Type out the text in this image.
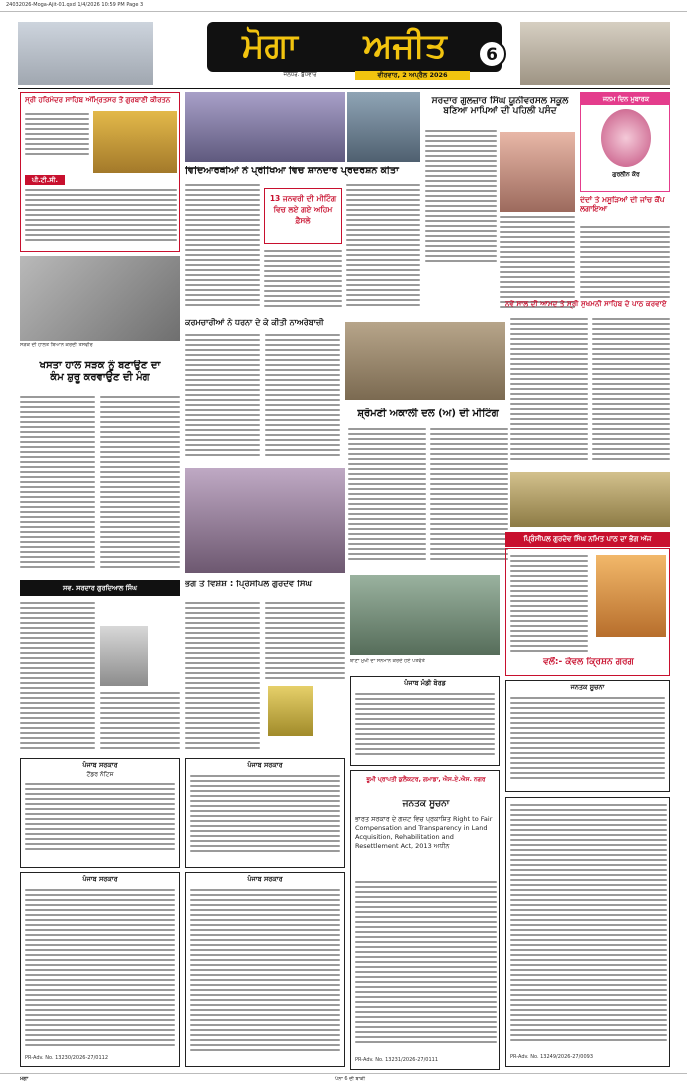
24032026-Moga-Ajit-01.qxd 1/4/2026 10:59 PM Page 3
ਮੋਗਾ	ਅਜੀਤ	6
ਜਲੰਧਰ. ਬੁੱਧਵਾਰ	ਵੀਰਵਾਰ, 2 ਅਪ੍ਰੈਲ 2026
ਸ੍ਰੀ ਹਰਿਮੰਦਰ ਸਾਹਿਬ ਅੰਮ੍ਰਿਤਸਰ ਤੋਂ ਗੁਰਬਾਣੀ ਕੀਰਤਨ
ਪੀ.ਟੀ.ਸੀ.
ਸੜਕ ਦੀ ਹਾਲਤ ਬਿਆਨ ਕਰਦੀ ਤਸਵੀਰ
ਖਸਤਾ ਹਾਲ ਸੜਕ ਨੂੰ ਬਣਾਉਣ ਦਾ
ਕੰਮ ਸ਼ੁਰੂ ਕਰਵਾਉਣ ਦੀ ਮੰਗ
ਵਿਦਿਆਰਥੀਆਂ ਨੇ ਪ੍ਰੀਖਿਆ ਵਿਚ ਸ਼ਾਨਦਾਰ ਪ੍ਰਦਰਸ਼ਨ ਕੀਤਾ
13 ਜਨਵਰੀ ਦੀ ਮੀਟਿੰਗ ਵਿਚ ਲਏ ਗਏ ਅਹਿਮ ਫ਼ੈਸਲੇ
ਕਰਮਚਾਰੀਆਂ ਨੇ ਧਰਨਾ ਦੇ ਕੇ ਕੀਤੀ ਨਾਅਰੇਬਾਜ਼ੀ
ਸਰਦਾਰ ਗੁਲਜ਼ਾਰ ਸਿੰਘ ਯੂਨੀਵਰਸਲ ਸਕੂਲ
ਬਣਿਆ ਮਾਪਿਆਂ ਦੀ ਪਹਿਲੀ ਪਸੰਦ
ਜਨਮ ਦਿਨ ਮੁਬਾਰਕ
ਗੁਰਲੀਨ ਕੌਰ
ਦੰਦਾਂ ਤੇ ਮਸੂੜਿਆਂ ਦੀ ਜਾਂਚ ਕੈਂਪ ਲਗਾਇਆ
ਨਵੇਂ ਸਾਲ ਦੀ ਆਮਦ ਤੇ ਸ੍ਰੀ ਸੁਖਮਨੀ ਸਾਹਿਬ ਦੇ ਪਾਠ ਕਰਵਾਏ
ਸ਼੍ਰੋਮਣੀ ਅਕਾਲੀ ਦਲ (ਅ) ਦੀ ਮੀਟਿੰਗ
ਪ੍ਰਿੰਸੀਪਲ ਗੁਰਦੇਵ ਸਿੰਘ ਨਮਿਤ ਪਾਠ ਦਾ ਭੋਗ ਅੱਜ
ਵਲੋਂ:- ਕੇਵਲ ਕ੍ਰਿਸ਼ਨ ਗਰਗ
ਸਵ. ਸਰਦਾਰ ਗੁਰਦਿਆਲ ਸਿੰਘ	ਭੋਗ ਤੇ ਵਿਸ਼ੇਸ਼ : ਪ੍ਰਿੰਸੀਪਲ ਗੁਰਦੇਵ ਸਿੰਘ
ਥਾਣਾ ਮੁਖੀ ਦਾ ਸਨਮਾਨ ਕਰਦੇ ਹੋਏ ਪਤਵੰਤੇ
ਪੰਜਾਬ ਮੰਡੀ ਬੋਰਡ	ਜਨਤਕ ਸੂਚਨਾ
ਪੰਜਾਬ ਸਰਕਾਰ
ਟੈਂਡਰ ਨੋਟਿਸ
ਪੰਜਾਬ ਸਰਕਾਰ
ਭੂਮੀ ਪ੍ਰਾਪਤੀ ਕੁਲੈਕਟਰ, ਗਮਾਡਾ, ਐਸ.ਏ.ਐਸ. ਨਗਰ
ਜਨਤਕ ਸੂਚਨਾ
ਭਾਰਤ ਸਰਕਾਰ ਦੇ ਗਜ਼ਟ ਵਿਚ ਪ੍ਰਕਾਸ਼ਿਤ Right to Fair Compensation and Transparency in Land Acquisition, Rehabilitation and Resettlement Act, 2013 ਅਧੀਨ
PR-Adv. No. 13231/2026-27/0111	PR-Adv. No. 13249/2026-27/0093
ਪੰਜਾਬ ਸਰਕਾਰ
PR-Adv. No. 13230/2026-27/0112
ਪੰਜਾਬ ਸਰਕਾਰ
ਮੋਗਾ	ਪੰਨਾ 6 ਦੀ ਬਾਕੀ
